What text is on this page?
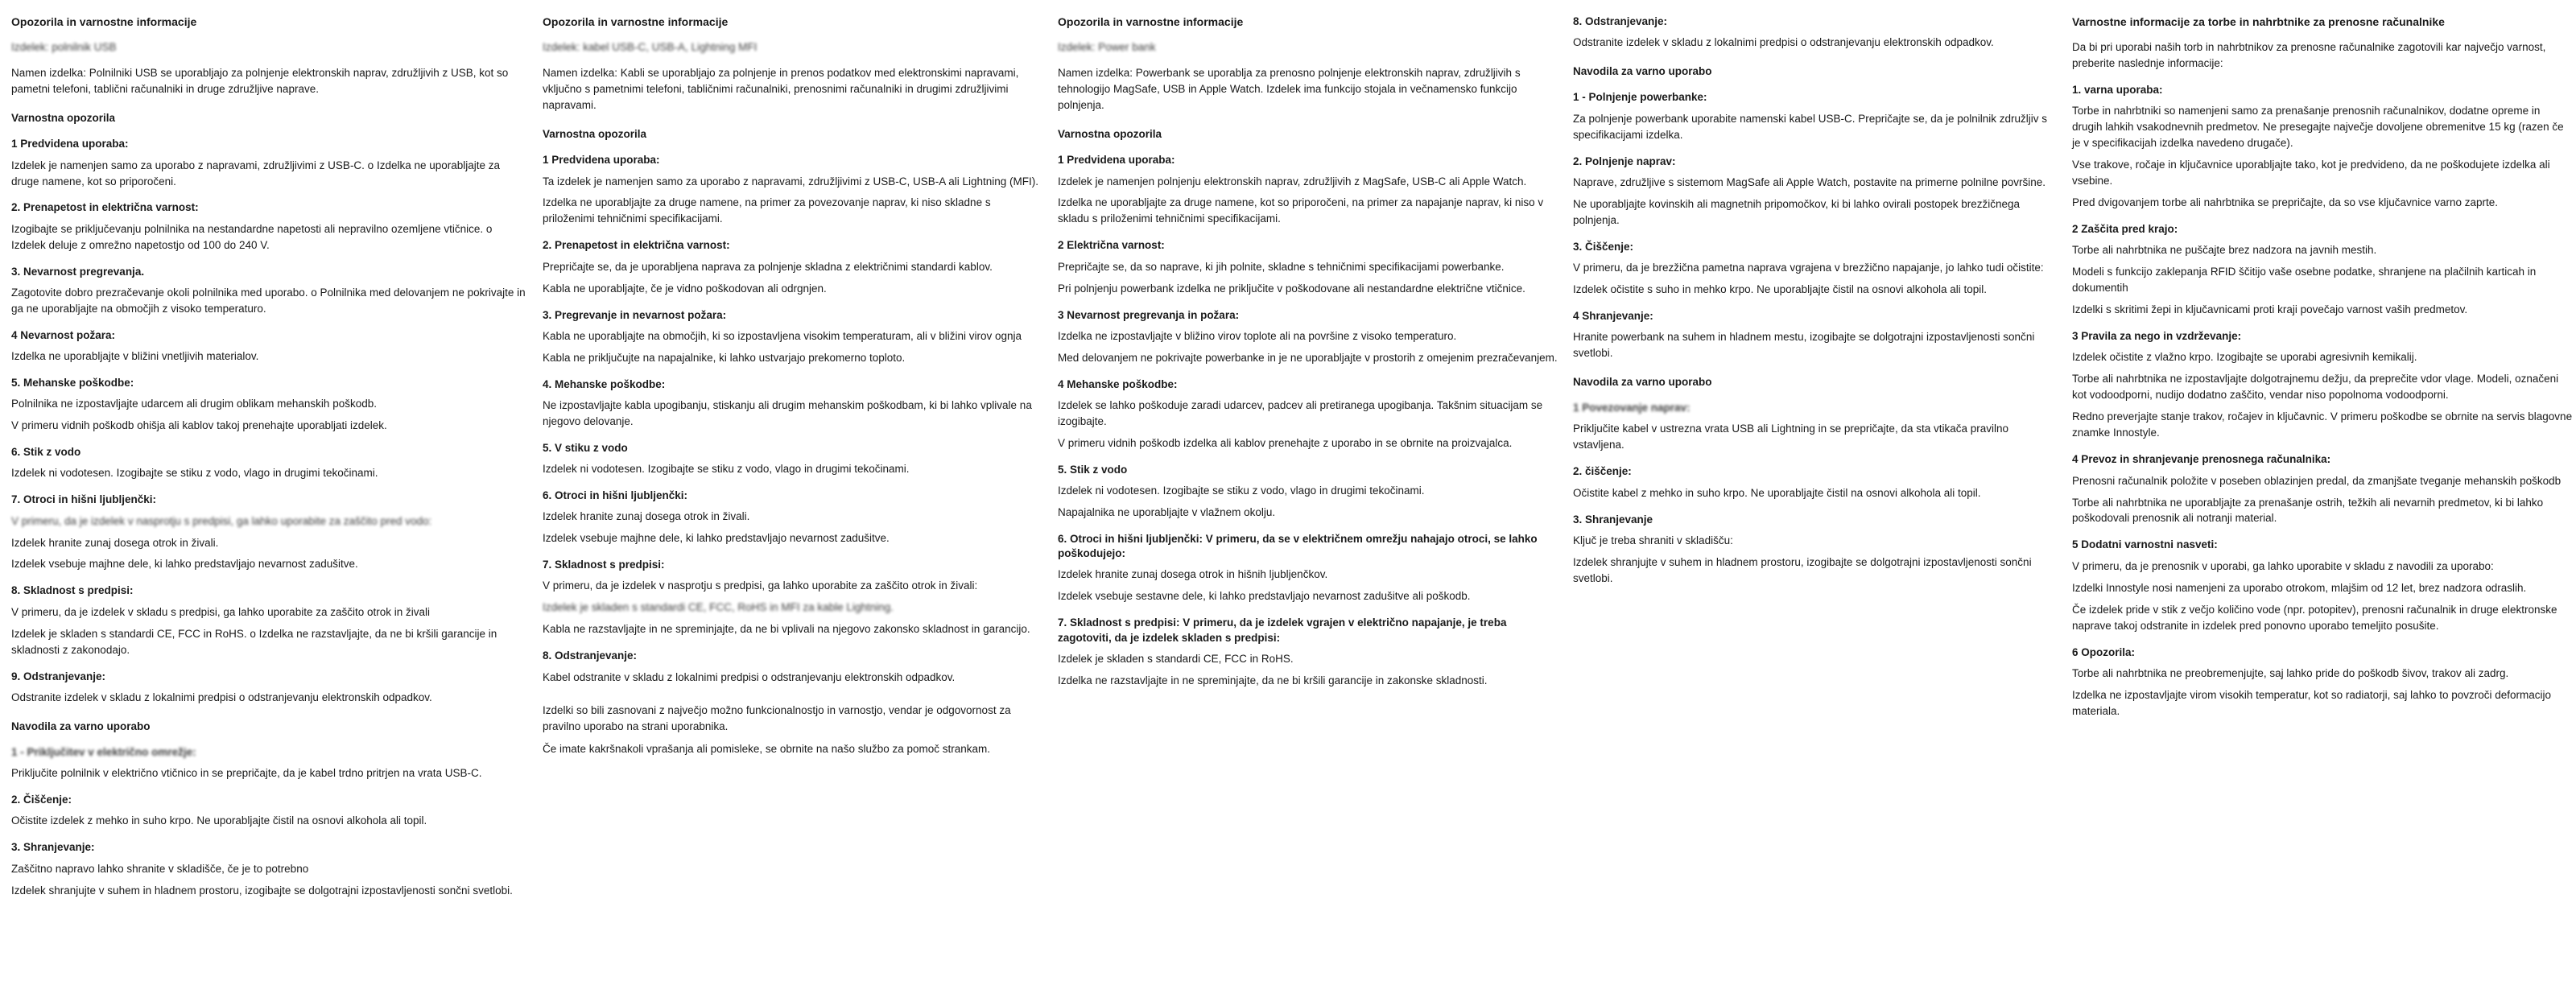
Opozorila in varnostne informacije

Izdelek: polnilnik USB

Namen izdelka: Polnilniki USB se uporabljajo za polnjenje elektronskih naprav, združljivih z USB, kot so pametni telefoni, tablični računalniki in druge združljive naprave.

Varnostna opozorila
1 Predvidena uporaba:

Izdelek je namenjen samo za uporabo z napravami, združljivimi z USB-C. o Izdelka ne uporabljajte za druge namene, kot so priporočeni.

2. Prenapetost in električna varnost:

Izogibajte se priključevanju polnilnika na nestandardne napetosti ali nepravilno ozemljene vtičnice. o Izdelek deluje z omrežno napetostjo od 100 do 240 V.

3. Nevarnost pregrevanja.

Zagotovite dobro prezračevanje okoli polnilnika med uporabo. o Polnilnika med delovanjem ne pokrivajte in ga ne uporabljajte na območjih z visoko temperaturo.

4 Nevarnost požara:

Izdelka ne uporabljajte v bližini vnetljivih materialov.

5. Mehanske poškodbe:

Polnilnika ne izpostavljajte udarcem ali drugim oblikam mehanskih poškodb.

V primeru vidnih poškodb ohišja ali kablov takoj prenehajte uporabljati izdelek.

6. Stik z vodo

Izdelek ni vodotesen. Izogibajte se stiku z vodo, vlago in drugimi tekočinami.

7. Otroci in hišni ljubljenčki:

V primeru, da je izdelek v nasprotju s predpisi, ga lahko uporabite za zaščito pred vodo:

Izdelek hranite zunaj dosega otrok in živali.

Izdelek vsebuje majhne dele, ki lahko predstavljajo nevarnost zadušitve.

8. Skladnost s predpisi:

V primeru, da je izdelek v skladu s predpisi, ga lahko uporabite za zaščito otrok in živali

Izdelek je skladen s standardi CE, FCC in RoHS. o Izdelka ne razstavljajte, da ne bi kršili garancije in skladnosti z zakonodajo.

9. Odstranjevanje:

Odstranite izdelek v skladu z lokalnimi predpisi o odstranjevanju elektronskih odpadkov.

Navodila za varno uporabo
1 - Priključitev v električno omrežje:

Priključite polnilnik v električno vtičnico in se prepričajte, da je kabel trdno pritrjen na vrata USB-C.

2. Čiščenje:

Očistite izdelek z mehko in suho krpo. Ne uporabljajte čistil na osnovi alkohola ali topil.

3. Shranjevanje:

Zaščitno napravo lahko shranite v skladišče, če je to potrebno

Izdelek shranjujte v suhem in hladnem prostoru, izogibajte se dolgotrajni izpostavljenosti sončni svetlobi.

Opozorila in varnostne informacije

Izdelek: kabel USB-C, USB-A, Lightning MFI

Namen izdelka: Kabli se uporabljajo za polnjenje in prenos podatkov med elektronskimi napravami, vključno s pametnimi telefoni, tabličnimi računalniki, prenosnimi računalniki in drugimi združljivimi napravami.

Varnostna opozorila
1 Predvidena uporaba:

Ta izdelek je namenjen samo za uporabo z napravami, združljivimi z USB-C, USB-A ali Lightning (MFI).

Izdelka ne uporabljajte za druge namene, na primer za povezovanje naprav, ki niso skladne s priloženimi tehničnimi specifikacijami.

2. Prenapetost in električna varnost:

Prepričajte se, da je uporabljena naprava za polnjenje skladna z električnimi standardi kablov.

Kabla ne uporabljajte, če je vidno poškodovan ali odrgnjen.

3. Pregrevanje in nevarnost požara:

Kabla ne uporabljajte na območjih, ki so izpostavljena visokim temperaturam, ali v bližini virov ognja

Kabla ne priključujte na napajalnike, ki lahko ustvarjajo prekomerno toploto.

4. Mehanske poškodbe:

Ne izpostavljajte kabla upogibanju, stiskanju ali drugim mehanskim poškodbam, ki bi lahko vplivale na njegovo delovanje.

5. V stiku z vodo

Izdelek ni vodotesen. Izogibajte se stiku z vodo, vlago in drugimi tekočinami.

6. Otroci in hišni ljubljenčki:

Izdelek hranite zunaj dosega otrok in živali.

Izdelek vsebuje majhne dele, ki lahko predstavljajo nevarnost zadušitve.

7. Skladnost s predpisi:

V primeru, da je izdelek v nasprotju s predpisi, ga lahko uporabite za zaščito otrok in živali:

Izdelek je skladen s standardi CE, FCC, RoHS in MFI za kable Lightning.

Kabla ne razstavljajte in ne spreminjajte, da ne bi vplivali na njegovo zakonsko skladnost in garancijo.

8. Odstranjevanje:

Kabel odstranite v skladu z lokalnimi predpisi o odstranjevanju elektronskih odpadkov.

Izdelki so bili zasnovani z največjo možno funkcionalnostjo in varnostjo, vendar je odgovornost za pravilno uporabo na strani uporabnika.

Če imate kakršnakoli vprašanja ali pomisleke, se obrnite na našo službo za pomoč strankam.

Opozorila in varnostne informacije

Izdelek: Power bank

Namen izdelka: Powerbank se uporablja za prenosno polnjenje elektronskih naprav, združljivih s tehnologijo MagSafe, USB in Apple Watch. Izdelek ima funkcijo stojala in večnamensko funkcijo polnjenja.

Varnostna opozorila
1 Predvidena uporaba:

Izdelek je namenjen polnjenju elektronskih naprav, združljivih z MagSafe, USB-C ali Apple Watch.

Izdelka ne uporabljajte za druge namene, kot so priporočeni, na primer za napajanje naprav, ki niso v skladu s priloženimi tehničnimi specifikacijami.

2 Električna varnost:

Prepričajte se, da so naprave, ki jih polnite, skladne s tehničnimi specifikacijami powerbanke.

Pri polnjenju powerbank izdelka ne priključite v poškodovane ali nestandardne električne vtičnice.

3 Nevarnost pregrevanja in požara:

Izdelka ne izpostavljajte v bližino virov toplote ali na površine z visoko temperaturo.

Med delovanjem ne pokrivajte powerbanke in je ne uporabljajte v prostorih z omejenim prezračevanjem.

4 Mehanske poškodbe:

Izdelek se lahko poškoduje zaradi udarcev, padcev ali pretiranega upogibanja. Takšnim situacijam se izogibajte.

V primeru vidnih poškodb izdelka ali kablov prenehajte z uporabo in se obrnite na proizvajalca.

5. Stik z vodo

Izdelek ni vodotesen. Izogibajte se stiku z vodo, vlago in drugimi tekočinami.

Napajalnika ne uporabljajte v vlažnem okolju.

6. Otroci in hišni ljubljenčki: V primeru, da se v električnem omrežju nahajajo otroci, se lahko poškodujejo:

Izdelek hranite zunaj dosega otrok in hišnih ljubljenčkov.

Izdelek vsebuje sestavne dele, ki lahko predstavljajo nevarnost zadušitve ali poškodb.

7. Skladnost s predpisi: V primeru, da je izdelek vgrajen v električno napajanje, je treba zagotoviti, da je izdelek skladen s predpisi:

Izdelek je skladen s standardi CE, FCC in RoHS.

Izdelka ne razstavljajte in ne spreminjajte, da ne bi kršili garancije in zakonske skladnosti.

8. Odstranjevanje:

Odstranite izdelek v skladu z lokalnimi predpisi o odstranjevanju elektronskih odpadkov.

Navodila za varno uporabo
1 - Polnjenje powerbanke:

Za polnjenje powerbank uporabite namenski kabel USB-C. Prepričajte se, da je polnilnik združljiv s specifikacijami izdelka.

2. Polnjenje naprav:

Naprave, združljive s sistemom MagSafe ali Apple Watch, postavite na primerne polnilne površine.

Ne uporabljajte kovinskih ali magnetnih pripomočkov, ki bi lahko ovirali postopek brezžičnega polnjenja.

3. Čiščenje:

V primeru, da je brezžična pametna naprava vgrajena v brezžično napajanje, jo lahko tudi očistite:

Izdelek očistite s suho in mehko krpo. Ne uporabljajte čistil na osnovi alkohola ali topil.

4 Shranjevanje:

Hranite powerbank na suhem in hladnem mestu, izogibajte se dolgotrajni izpostavljenosti sončni svetlobi.

Navodila za varno uporabo
1 Povezovanje naprav:

Priključite kabel v ustrezna vrata USB ali Lightning in se prepričajte, da sta vtikača pravilno vstavljena.

2. čiščenje:

Očistite kabel z mehko in suho krpo. Ne uporabljajte čistil na osnovi alkohola ali topil.

3. Shranjevanje

Ključ je treba shraniti v skladišču:

Izdelek shranjujte v suhem in hladnem prostoru, izogibajte se dolgotrajni izpostavljenosti sončni svetlobi.

Varnostne informacije za torbe in nahrbtnike za prenosne računalnike

Da bi pri uporabi naših torb in nahrbtnikov za prenosne računalnike zagotovili kar največjo varnost, preberite naslednje informacije:

1. varna uporaba:

Torbe in nahrbtniki so namenjeni samo za prenašanje prenosnih računalnikov, dodatne opreme in drugih lahkih vsakodnevnih predmetov. Ne presegajte največje dovoljene obremenitve 15 kg (razen če je v specifikacijah izdelka navedeno drugače).

Vse trakove, ročaje in ključavnice uporabljajte tako, kot je predvideno, da ne poškodujete izdelka ali vsebine.

Pred dvigovanjem torbe ali nahrbtnika se prepričajte, da so vse ključavnice varno zaprte.

2 Zaščita pred krajo:

Torbe ali nahrbtnika ne puščajte brez nadzora na javnih mestih.

Modeli s funkcijo zaklepanja RFID ščitijo vaše osebne podatke, shranjene na plačilnih karticah in dokumentih

Izdelki s skritimi žepi in ključavnicami proti kraji povečajo varnost vaših predmetov.

3 Pravila za nego in vzdrževanje:

Izdelek očistite z vlažno krpo. Izogibajte se uporabi agresivnih kemikalij.

Torbe ali nahrbtnika ne izpostavljajte dolgotrajnemu dežju, da preprečite vdor vlage. Modeli, označeni kot vodoodporni, nudijo dodatno zaščito, vendar niso popolnoma vodoodporni.

Redno preverjajte stanje trakov, ročajev in ključavnic. V primeru poškodbe se obrnite na servis blagovne znamke Innostyle.

4 Prevoz in shranjevanje prenosnega računalnika:

Prenosni računalnik položite v poseben oblazinjen predal, da zmanjšate tveganje mehanskih poškodb

Torbe ali nahrbtnika ne uporabljajte za prenašanje ostrih, težkih ali nevarnih predmetov, ki bi lahko poškodovali prenosnik ali notranji material.

5 Dodatni varnostni nasveti:

V primeru, da je prenosnik v uporabi, ga lahko uporabite v skladu z navodili za uporabo:

Izdelki Innostyle nosi namenjeni za uporabo otrokom, mlajšim od 12 let, brez nadzora odraslih.

Če izdelek pride v stik z večjo količino vode (npr. potopitev), prenosni računalnik in druge elektronske naprave takoj odstranite in izdelek pred ponovno uporabo temeljito posušite.

6 Opozorila:

Torbe ali nahrbtnika ne preobremenjujte, saj lahko pride do poškodb šivov, trakov ali zadrg.

Izdelka ne izpostavljajte virom visokih temperatur, kot so radiatorji, saj lahko to povzroči deformacijo materiala.
